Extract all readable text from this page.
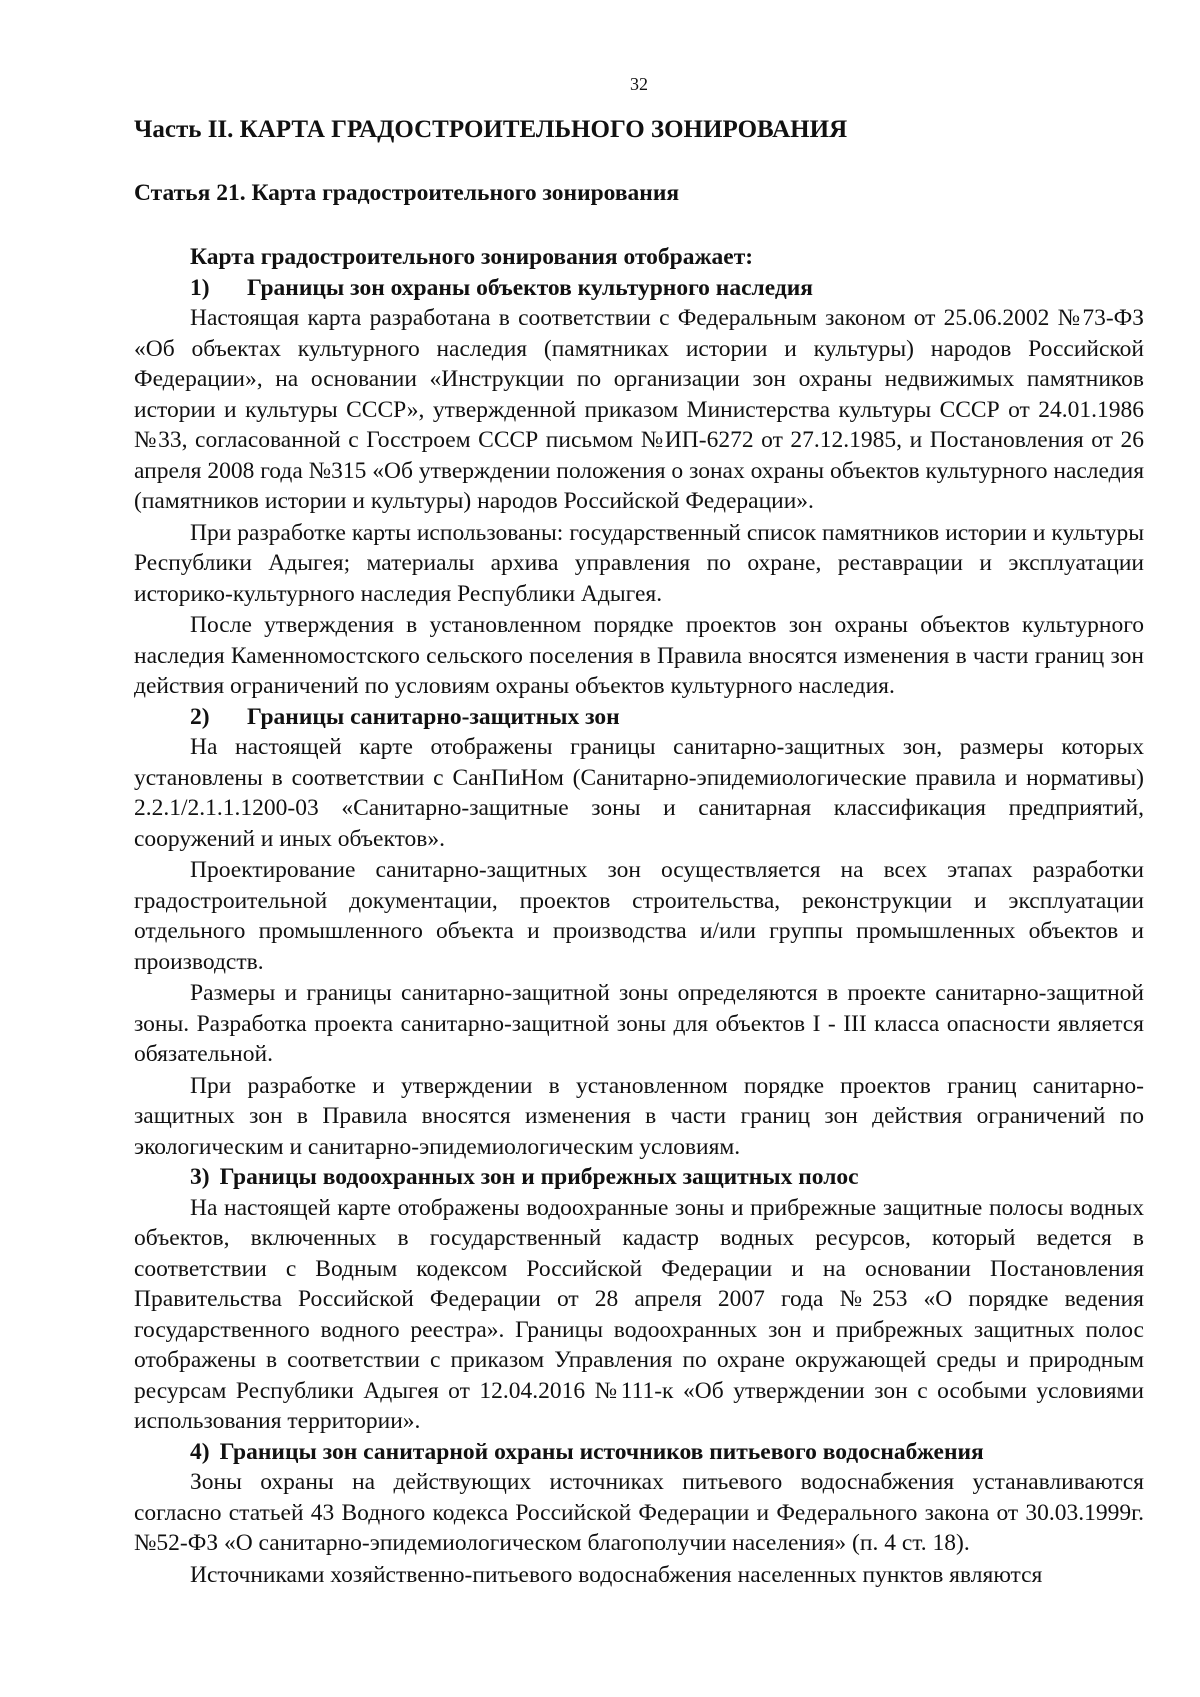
32
Часть II. КАРТА ГРАДОСТРОИТЕЛЬНОГО ЗОНИРОВАНИЯ
Статья 21. Карта градостроительного зонирования

Карта градостроительного зонирования отображает:

1) Границы зон охраны объектов культурного наследия

Настоящая карта разработана в соответствии с Федеральным законом от 25.06.2002 №73-ФЗ «Об объектах культурного наследия (памятниках истории и культуры) народов Российской Федерации», на основании «Инструкции по организации зон охраны недвижимых памятников истории и культуры СССР», утвержденной приказом Министерства культуры СССР от 24.01.1986 №33, согласованной с Госстроем СССР письмом №ИП-6272 от 27.12.1985, и Постановления от 26 апреля 2008 года №315 «Об утверждении положения о зонах охраны объектов культурного наследия (памятников истории и культуры) народов Российской Федерации».

При разработке карты использованы: государственный список памятников истории и культуры Республики Адыгея; материалы архива управления по охране, реставрации и эксплуатации историко-культурного наследия Республики Адыгея.

После утверждения в установленном порядке проектов зон охраны объектов культурного наследия Каменномостского сельского поселения в Правила вносятся изменения в части границ зон действия ограничений по условиям охраны объектов культурного наследия.

2) Границы санитарно-защитных зон

На настоящей карте отображены границы санитарно-защитных зон, размеры которых установлены в соответствии с СанПиНом (Санитарно-эпидемиологические правила и нормативы) 2.2.1/2.1.1.1200-03 «Санитарно-защитные зоны и санитарная классификация предприятий, сооружений и иных объектов».

Проектирование санитарно-защитных зон осуществляется на всех этапах разработки градостроительной документации, проектов строительства, реконструкции и эксплуатации отдельного промышленного объекта и производства и/или группы промышленных объектов и производств.

Размеры и границы санитарно-защитной зоны определяются в проекте санитарно-защитной зоны. Разработка проекта санитарно-защитной зоны для объектов I - III класса опасности является обязательной.

При разработке и утверждении в установленном порядке проектов границ санитарно-защитных зон в Правила вносятся изменения в части границ зон действия ограничений по экологическим и санитарно-эпидемиологическим условиям.

3) Границы водоохранных зон и прибрежных защитных полос

На настоящей карте отображены водоохранные зоны и прибрежные защитные полосы водных объектов, включенных в государственный кадастр водных ресурсов, который ведется в соответствии с Водным кодексом Российской Федерации и на основании Постановления Правительства Российской Федерации от 28 апреля 2007 года №253 «О порядке ведения государственного водного реестра». Границы водоохранных зон и прибрежных защитных полос отображены в соответствии с приказом Управления по охране окружающей среды и природным ресурсам Республики Адыгея от 12.04.2016 №111-к «Об утверждении зон с особыми условиями использования территории».

4) Границы зон санитарной охраны источников питьевого водоснабжения

Зоны охраны на действующих источниках питьевого водоснабжения устанавливаются согласно статьей 43 Водного кодекса Российской Федерации и Федерального закона от 30.03.1999г. №52-ФЗ «О санитарно-эпидемиологическом благополучии населения» (п. 4 ст. 18).

Источниками хозяйственно-питьевого водоснабжения населенных пунктов являются
